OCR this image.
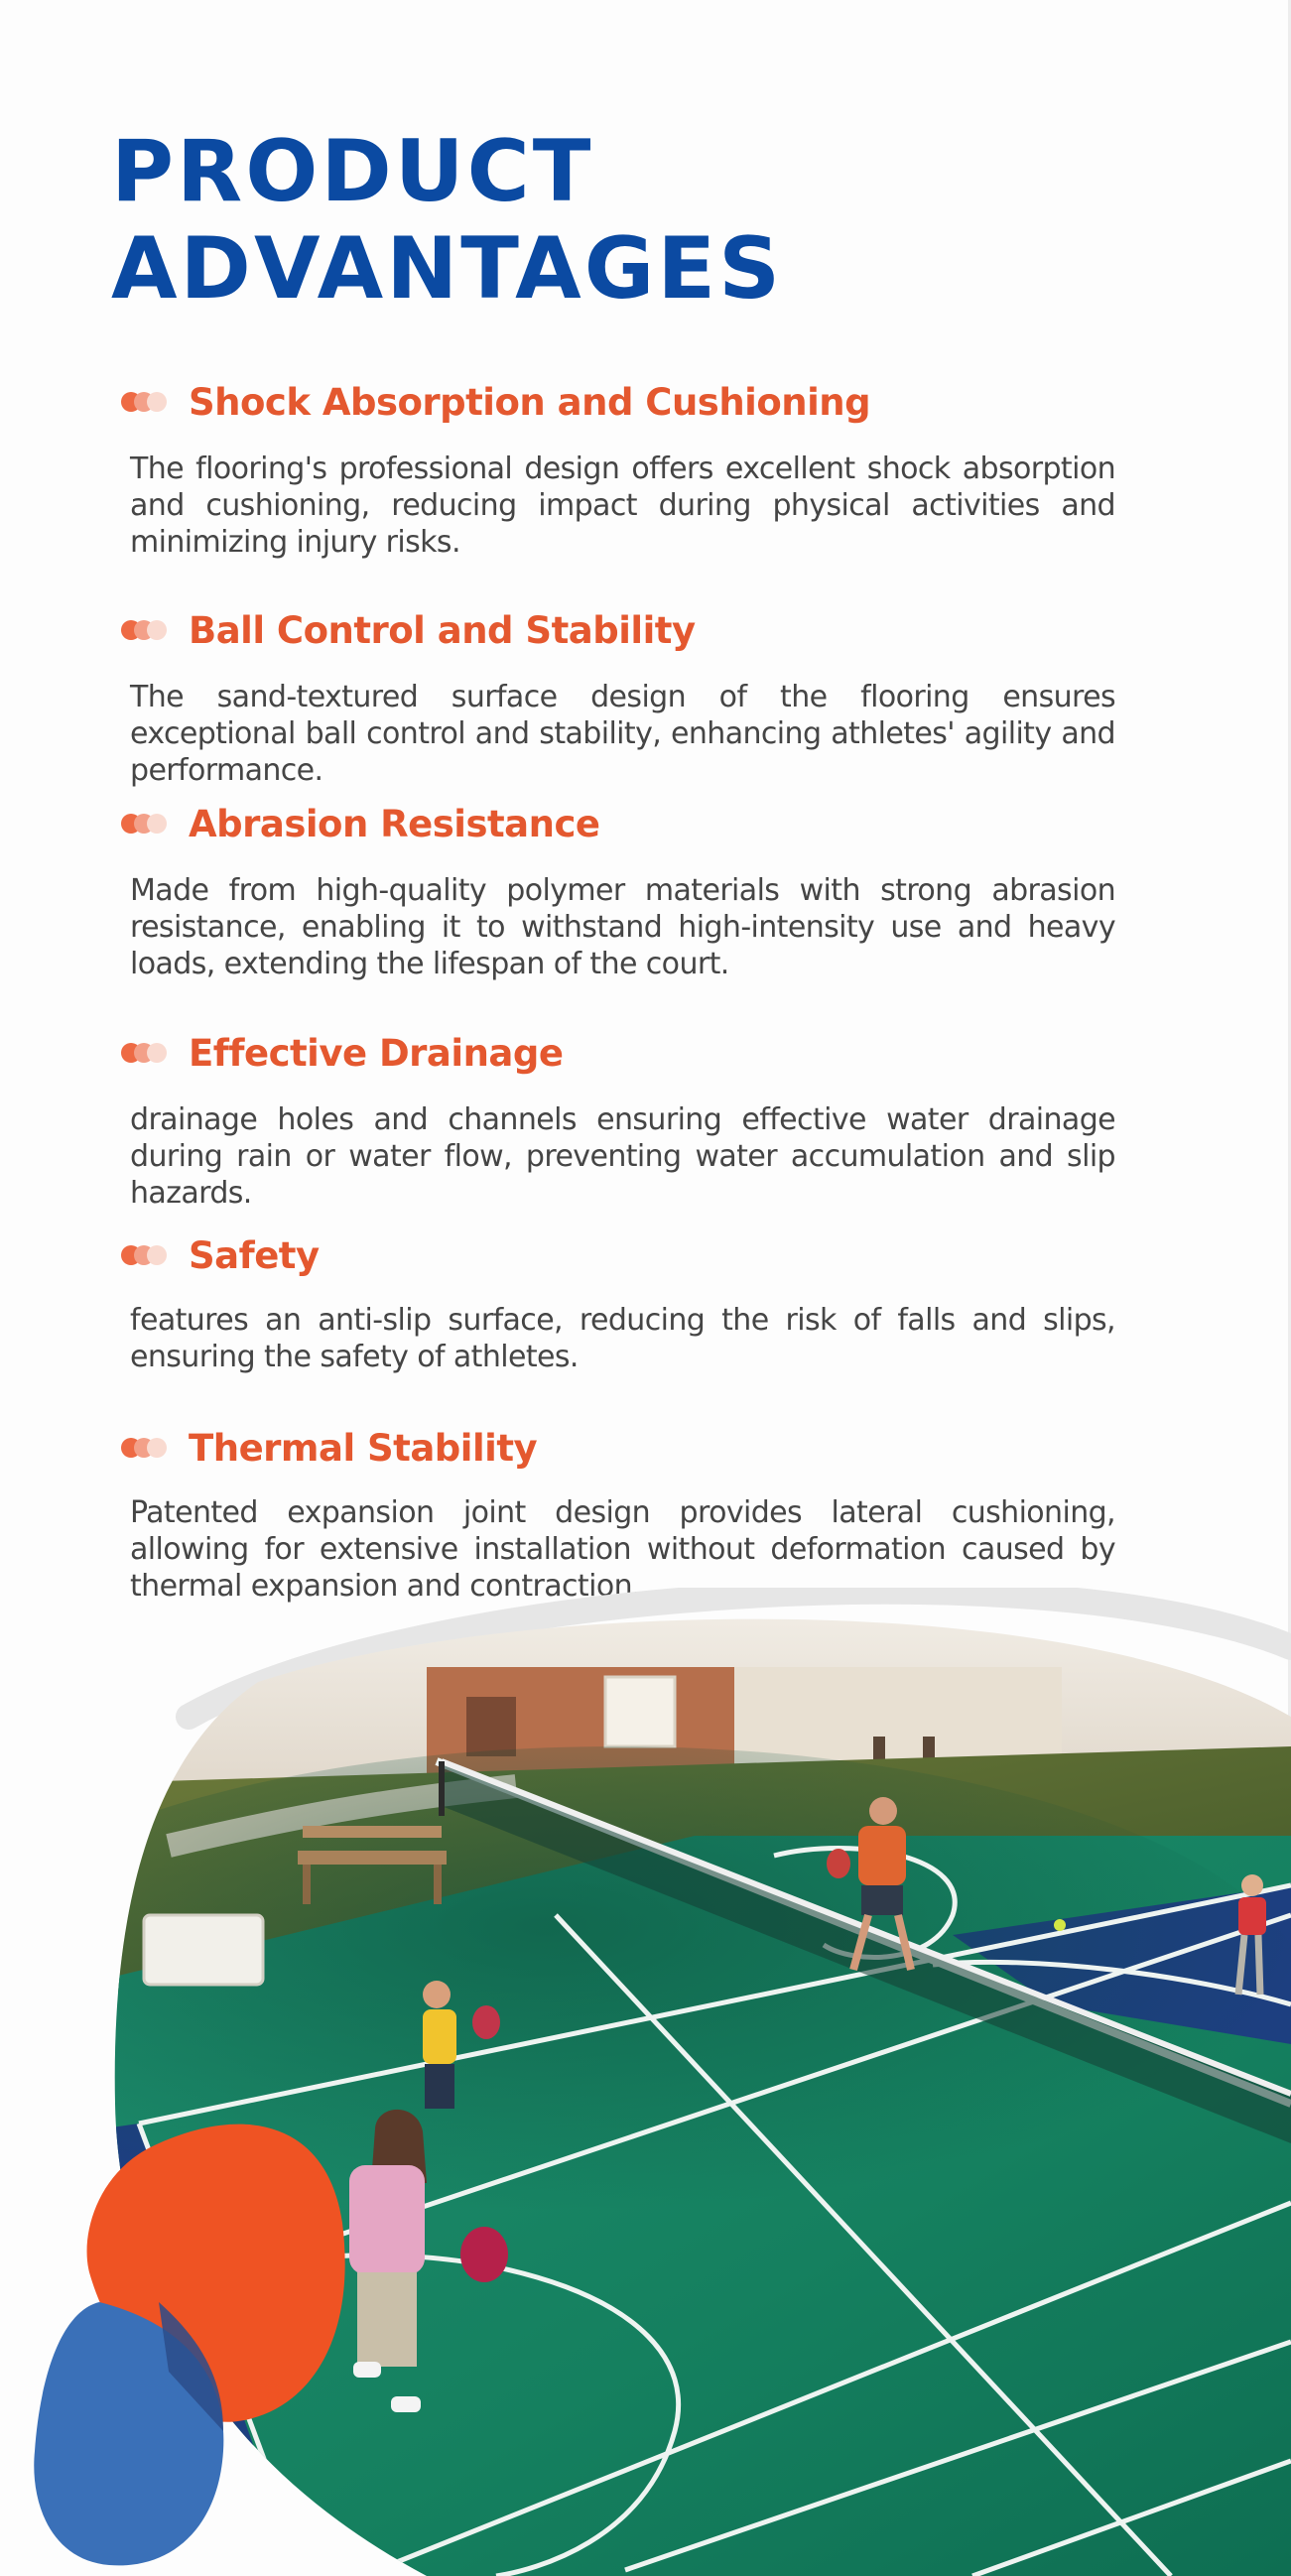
PRODUCT
ADVANTAGES
Shock Absorption and Cushioning

The flooring's professional design offers excellent shock absorption and cushioning, reducing impact during physical activities and minimizing injury risks.

Ball Control and Stability

The sand-textured surface design of the flooring ensures exceptional ball control and stability, enhancing athletes' agility and performance.

Abrasion Resistance

Made from high-quality polymer materials with strong abrasion resistance, enabling it to withstand high-intensity use and heavy loads, extending the lifespan of the court.

Effective Drainage

drainage holes and channels ensuring effective water drainage during rain or water flow, preventing water accumulation and slip hazards.

Safety

features an anti-slip surface, reducing the risk of falls and slips, ensuring the safety of athletes.

Thermal Stability

Patented expansion joint design provides lateral cushioning, allowing for extensive installation without deformation caused by thermal expansion and contraction.
